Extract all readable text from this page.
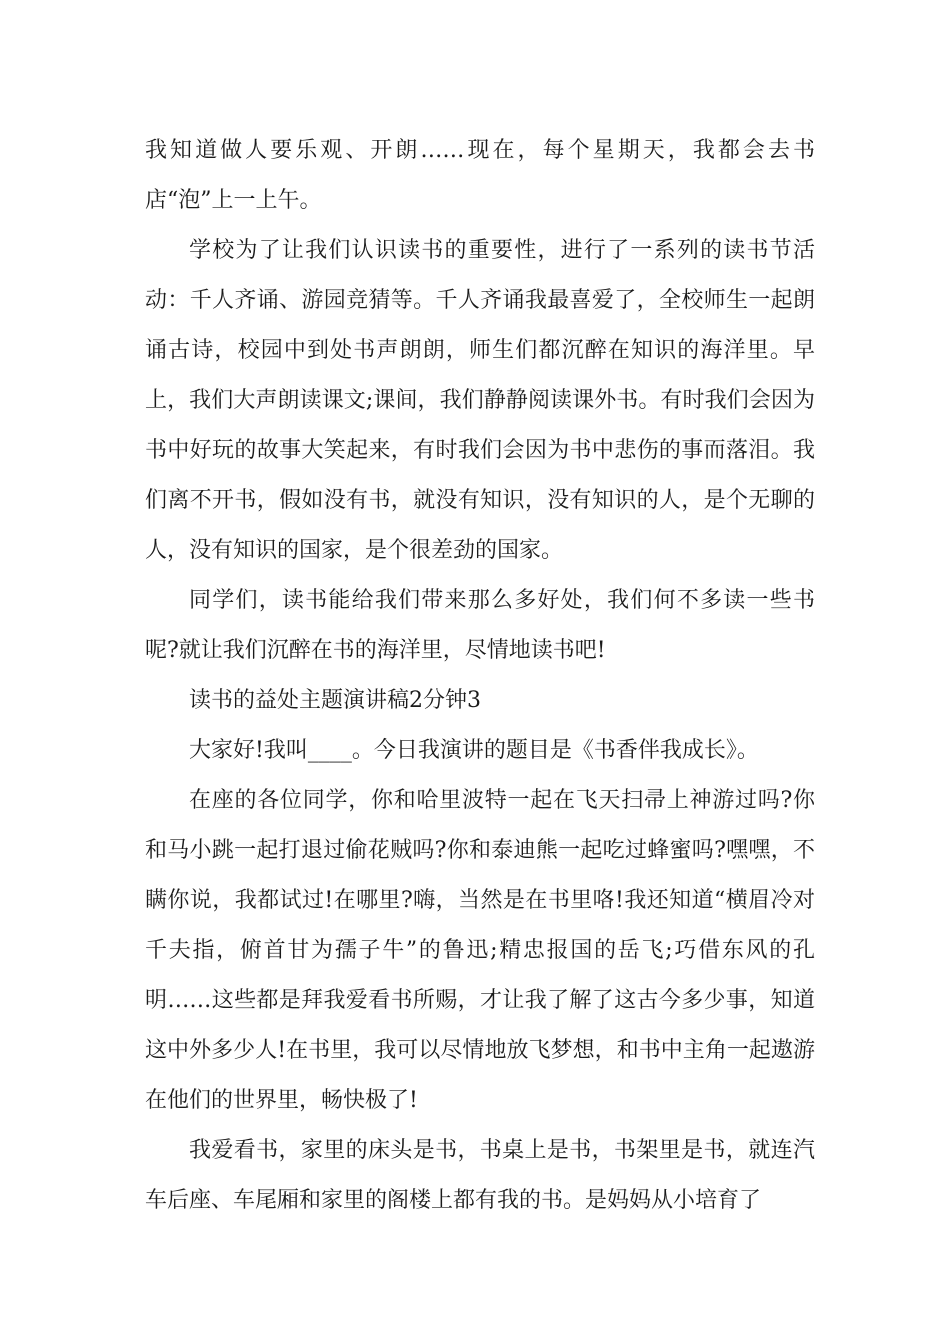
我知道做人要乐观、开朗……现在，每个星期天，我都会去书店“泡”上一上午。

学校为了让我们认识读书的重要性，进行了一系列的读书节活动：千人齐诵、游园竞猜等。千人齐诵我最喜爱了，全校师生一起朗诵古诗，校园中到处书声朗朗，师生们都沉醉在知识的海洋里。早上，我们大声朗读课文;课间，我们静静阅读课外书。有时我们会因为书中好玩的故事大笑起来，有时我们会因为书中悲伤的事而落泪。我们离不开书，假如没有书，就没有知识，没有知识的人，是个无聊的人，没有知识的国家，是个很差劲的国家。

同学们，读书能给我们带来那么多好处，我们何不多读一些书呢?就让我们沉醉在书的海洋里，尽情地读书吧!

读书的益处主题演讲稿2分钟3

大家好!我叫____。今日我演讲的题目是《书香伴我成长》。

在座的各位同学，你和哈里波特一起在飞天扫帚上神游过吗?你和马小跳一起打退过偷花贼吗?你和泰迪熊一起吃过蜂蜜吗?嘿嘿，不瞒你说，我都试过!在哪里?嗨，当然是在书里咯!我还知道“横眉冷对千夫指，俯首甘为孺子牛”的鲁迅;精忠报国的岳飞;巧借东风的孔明……这些都是拜我爱看书所赐，才让我了解了这古今多少事，知道这中外多少人!在书里，我可以尽情地放飞梦想，和书中主角一起遨游在他们的世界里，畅快极了!

我爱看书，家里的床头是书，书桌上是书，书架里是书，就连汽车后座、车尾厢和家里的阁楼上都有我的书。是妈妈从小培育了
